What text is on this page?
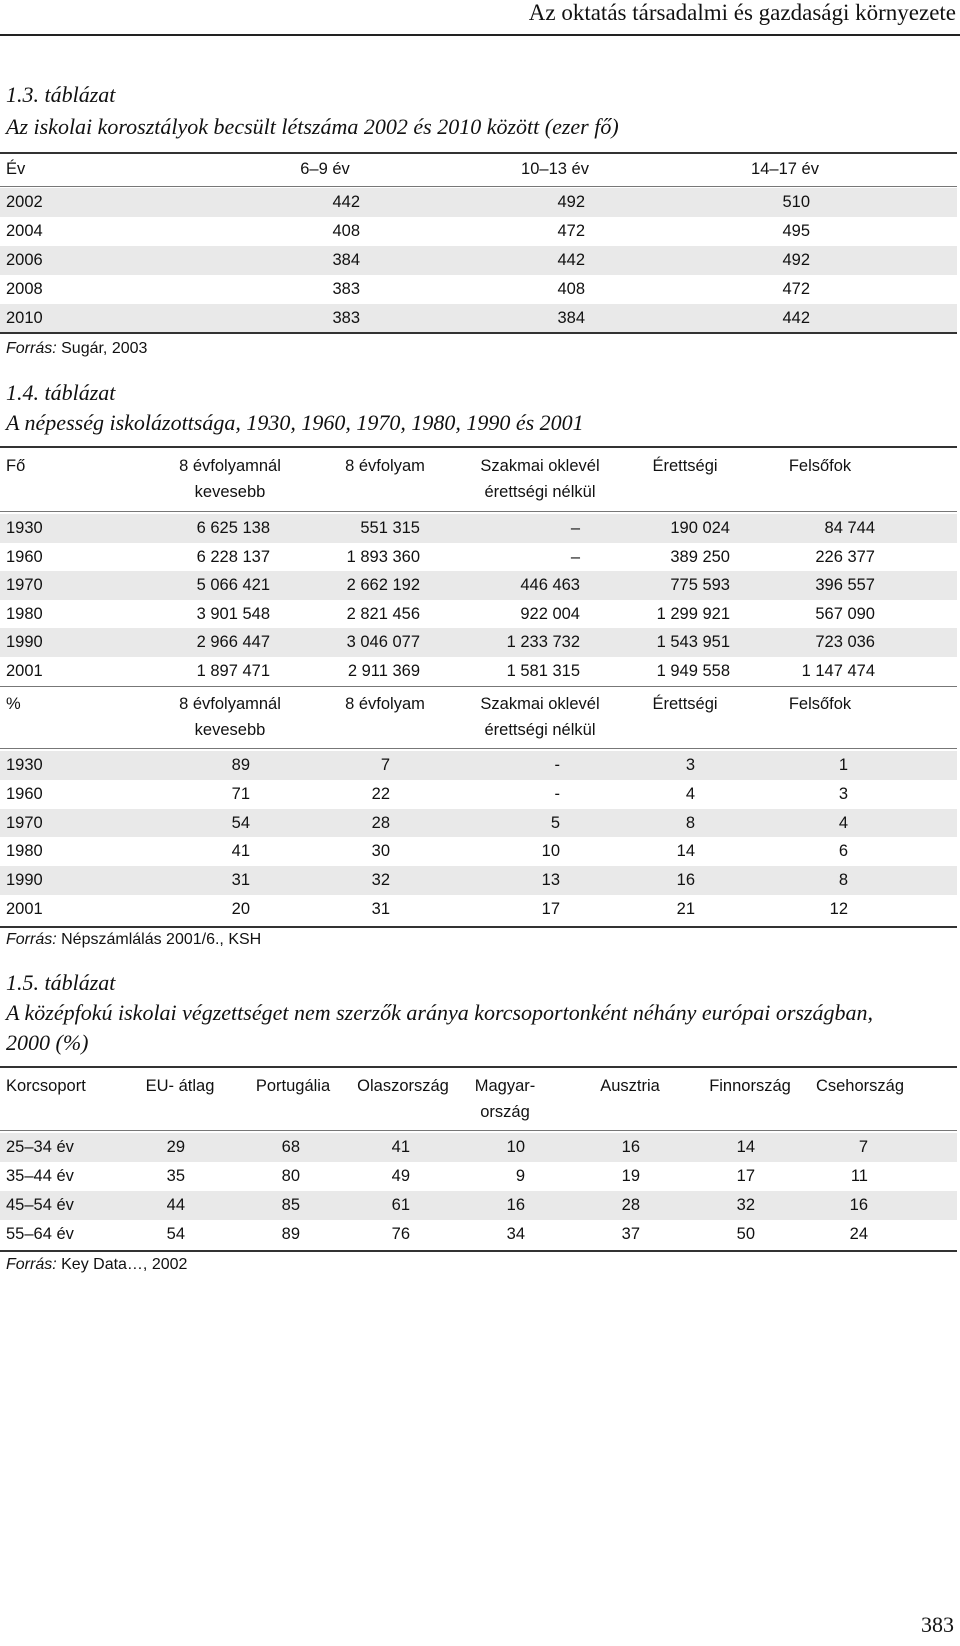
Az oktatás társadalmi és gazdasági környezete
1.3. táblázat
Az iskolai korosztályok becsült létszáma 2002 és 2010 között (ezer fő)
Év	6–9 év	10–13 év	14–17 év
2002	442	492	510
2004	408	472	495
2006	384	442	492
2008	383	408	472
2010	383	384	442
Forrás: Sugár, 2003
1.4. táblázat
A népesség iskolázottsága, 1930, 1960, 1970, 1980, 1990 és 2001
Fő	8 évfolyamnál	8 évfolyam	Szakmai oklevél	Érettségi	Felsőfok
kevesebb	érettségi nélkül
1930	6 625 138	551 315	–	190 024	84 744
1960	6 228 137	1 893 360	–	389 250	226 377
1970	5 066 421	2 662 192	446 463	775 593	396 557
1980	3 901 548	2 821 456	922 004	1 299 921	567 090
1990	2 966 447	3 046 077	1 233 732	1 543 951	723 036
2001	1 897 471	2 911 369	1 581 315	1 949 558	1 147 474
%	8 évfolyamnál	8 évfolyam	Szakmai oklevél	Érettségi	Felsőfok
kevesebb	érettségi nélkül
1930	89	7	-	3	1
1960	71	22	-	4	3
1970	54	28	5	8	4
1980	41	30	10	14	6
1990	31	32	13	16	8
2001	20	31	17	21	12
Forrás: Népszámlálás 2001/6., KSH
1.5. táblázat
A középfokú iskolai végzettséget nem szerzők aránya korcsoportonként néhány európai országban,
2000 (%)
Korcsoport	EU- átlag	Portugália	Olaszország	Magyar-	Ausztria	Finnország	Csehország
ország
25–34 év	29	68	41	10	16	14	7
35–44 év	35	80	49	9	19	17	11
45–54 év	44	85	61	16	28	32	16
55–64 év	54	89	76	34	37	50	24
Forrás: Key Data…, 2002
383
